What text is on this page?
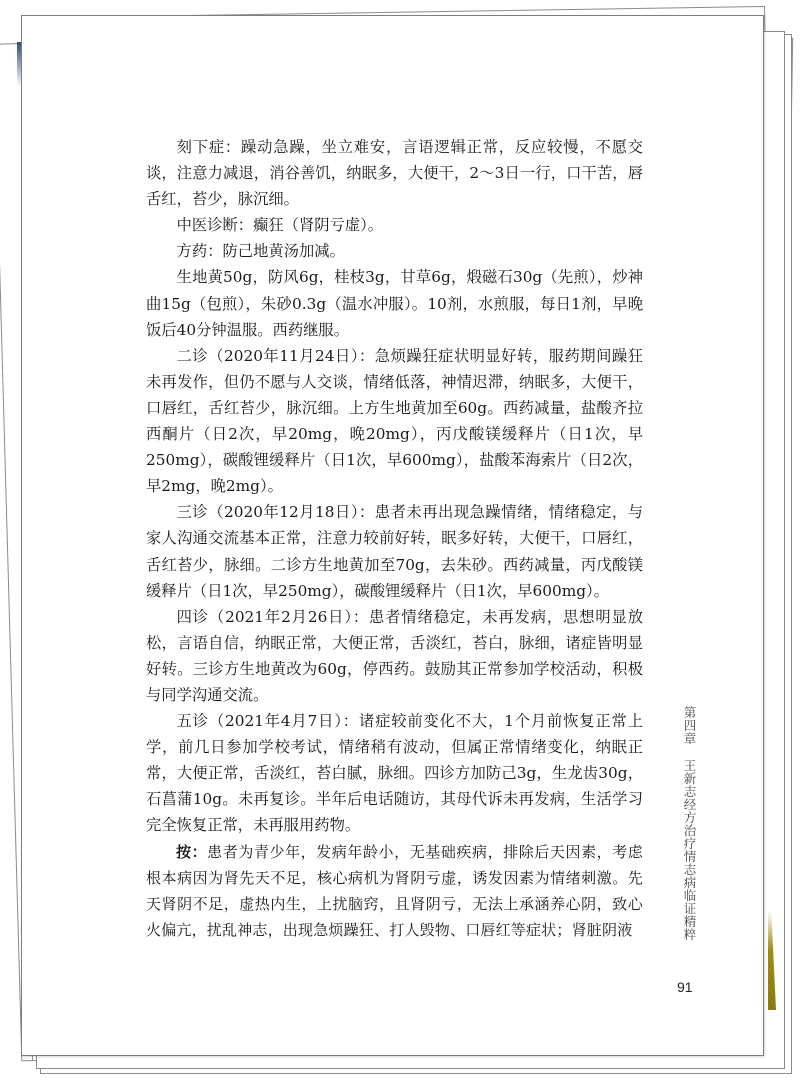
刻下症：躁动急躁，坐立难安，言语逻辑正常，反应较慢，不愿交谈，注意力减退，消谷善饥，纳眠多，大便干，2～3日一行，口干苦，唇舌红，苔少，脉沉细。

中医诊断：癫狂（肾阴亏虚）。

方药：防己地黄汤加减。

生地黄50g，防风6g，桂枝3g，甘草6g，煅磁石30g（先煎），炒神曲15g（包煎），朱砂0.3g（温水冲服）。10剂，水煎服，每日1剂，早晚饭后40分钟温服。西药继服。

二诊（2020年11月24日）：急烦躁狂症状明显好转，服药期间躁狂未再发作，但仍不愿与人交谈，情绪低落，神情迟滞，纳眠多，大便干，口唇红，舌红苔少，脉沉细。上方生地黄加至60g。西药减量，盐酸齐拉西酮片（日2次，早20mg，晚20mg），丙戊酸镁缓释片（日1次，早250mg），碳酸锂缓释片（日1次，早600mg），盐酸苯海索片（日2次，早2mg，晚2mg）。

三诊（2020年12月18日）：患者未再出现急躁情绪，情绪稳定，与家人沟通交流基本正常，注意力较前好转，眠多好转，大便干，口唇红，舌红苔少，脉细。二诊方生地黄加至70g，去朱砂。西药减量，丙戊酸镁缓释片（日1次，早250mg），碳酸锂缓释片（日1次，早600mg）。

四诊（2021年2月26日）：患者情绪稳定，未再发病，思想明显放松，言语自信，纳眠正常，大便正常，舌淡红，苔白，脉细，诸症皆明显好转。三诊方生地黄改为60g，停西药。鼓励其正常参加学校活动，积极与同学沟通交流。

五诊（2021年4月7日）：诸症较前变化不大，1个月前恢复正常上学，前几日参加学校考试，情绪稍有波动，但属正常情绪变化，纳眠正常，大便正常，舌淡红，苔白腻，脉细。四诊方加防己3g，生龙齿30g，石菖蒲10g。未再复诊。半年后电话随访，其母代诉未再发病，生活学习完全恢复正常，未再服用药物。

按：患者为青少年，发病年龄小，无基础疾病，排除后天因素，考虑根本病因为肾先天不足，核心病机为肾阴亏虚，诱发因素为情绪刺激。先天肾阴不足，虚热内生，上扰脑窍，且肾阴亏，无法上承涵养心阴，致心火偏亢，扰乱神志，出现急烦躁狂、打人毁物、口唇红等症状；肾脏阴液

第四章王新志经方治疗情志病临证精粹
91
